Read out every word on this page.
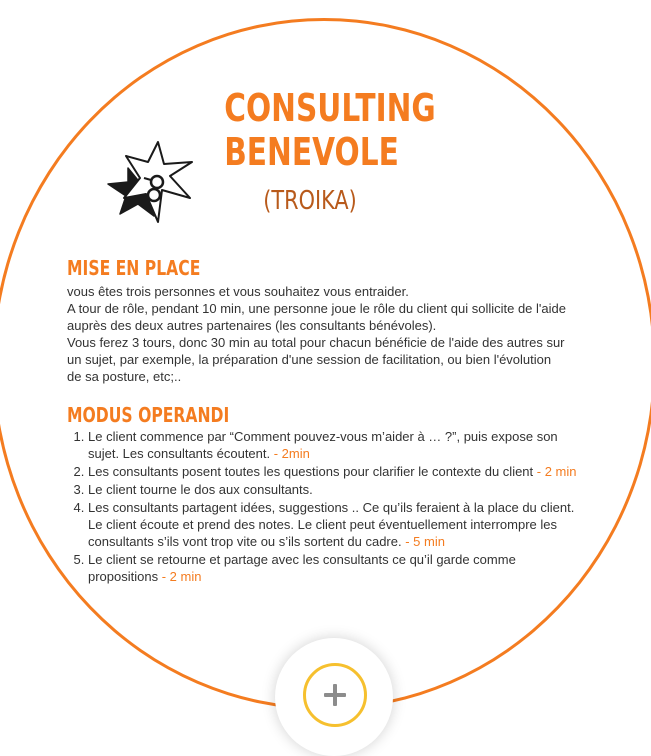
CONSULTING
BENEVOLE
(TROIKA)
MISE EN PLACE

vous êtes trois personnes et vous souhaitez vous entraider.

A tour de rôle, pendant 10 min, une personne joue le rôle du client qui sollicite de l'aide auprès des deux autres partenaires (les consultants bénévoles).

Vous ferez 3 tours, donc 30 min au total pour chacun bénéficie de l'aide des autres sur un sujet, par exemple, la préparation d'une session de facilitation, ou bien l'évolution de sa posture, etc;..

MODUS OPERANDI
1. Le client commence par “Comment pouvez-vous m’aider à … ?”, puis expose son sujet. Les consultants écoutent. - 2min
2. Les consultants posent toutes les questions pour clarifier le contexte du client - 2 min
3. Le client tourne le dos aux consultants.
4. Les consultants partagent idées, suggestions .. Ce qu’ils feraient à la place du client. Le client écoute et prend des notes. Le client peut éventuellement interrompre les consultants s’ils vont trop vite ou s’ils sortent du cadre. - 5 min
5. Le client se retourne et partage avec les consultants ce qu’il garde comme propositions - 2 min
